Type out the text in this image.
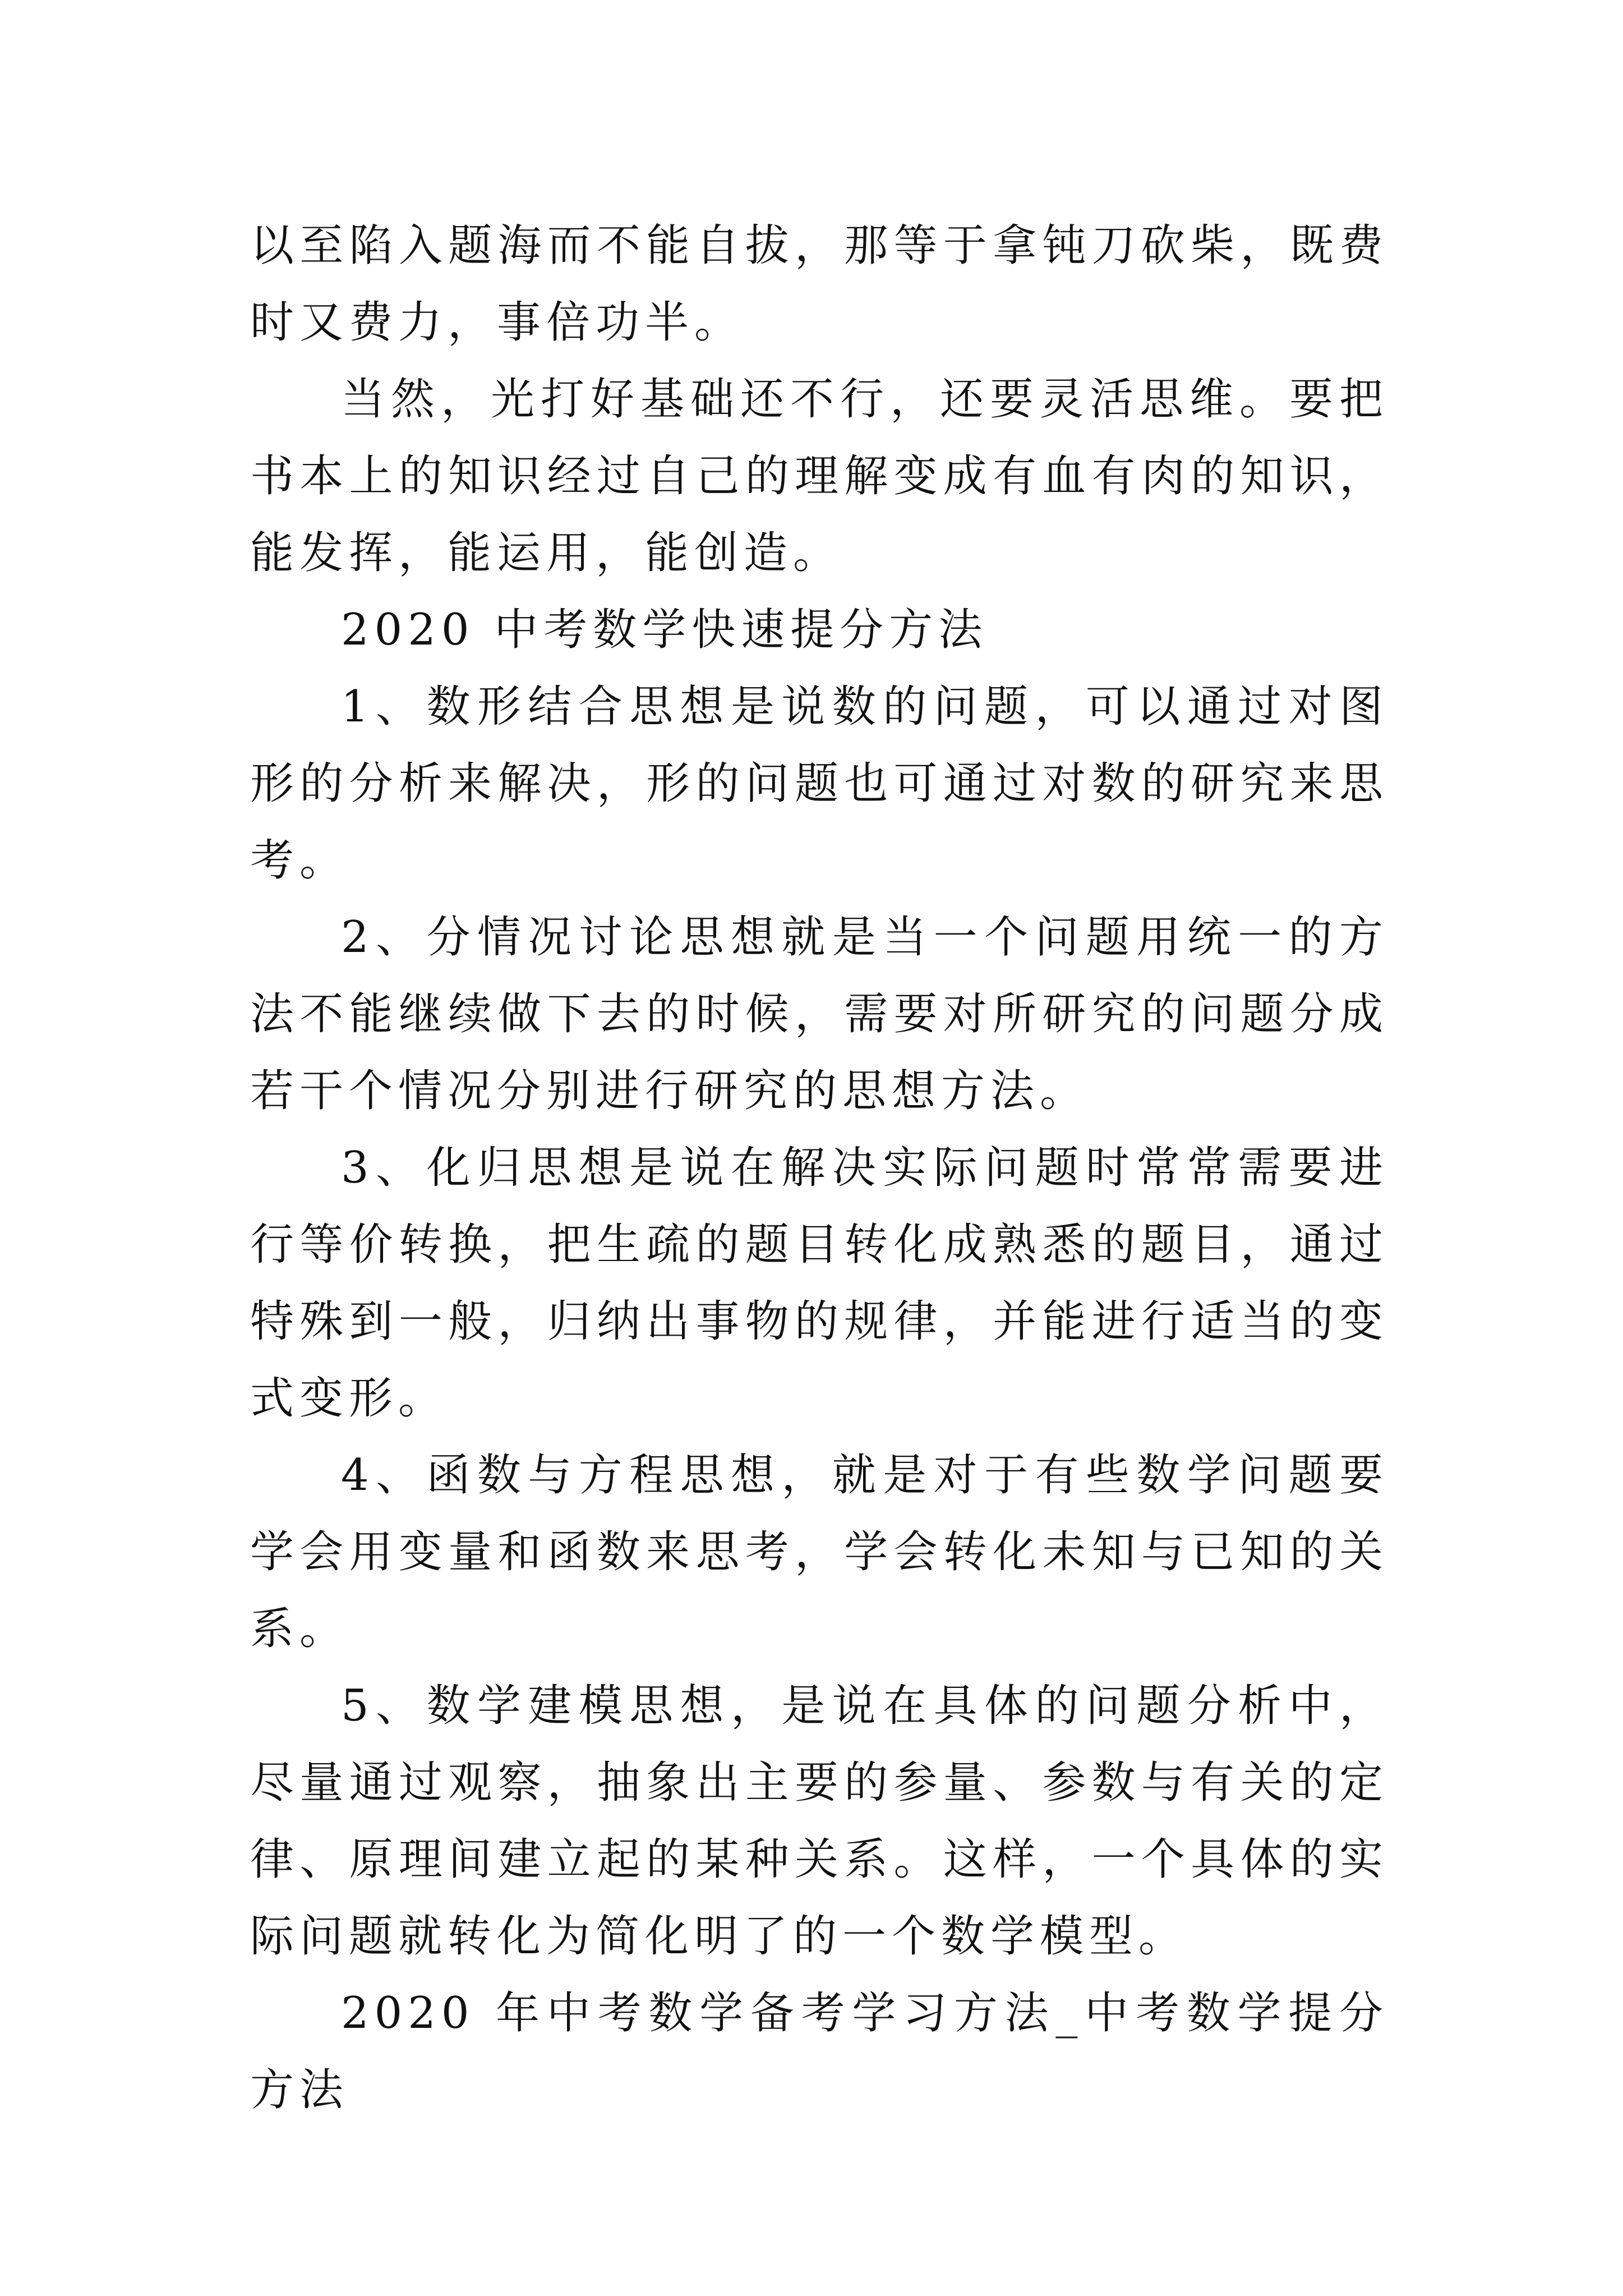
以至陷入题海而不能自拔，那等于拿钝刀砍柴，既费时又费力，事倍功半。

当然，光打好基础还不行，还要灵活思维。要把书本上的知识经过自己的理解变成有血有肉的知识，能发挥，能运用，能创造。

2020 中考数学快速提分方法

1、数形结合思想是说数的问题，可以通过对图形的分析来解决，形的问题也可通过对数的研究来思考。

2、分情况讨论思想就是当一个问题用统一的方法不能继续做下去的时候，需要对所研究的问题分成若干个情况分别进行研究的思想方法。

3、化归思想是说在解决实际问题时常常需要进行等价转换，把生疏的题目转化成熟悉的题目，通过特殊到一般，归纳出事物的规律，并能进行适当的变式变形。

4、函数与方程思想，就是对于有些数学问题要学会用变量和函数来思考，学会转化未知与已知的关系。

5、数学建模思想，是说在具体的问题分析中，尽量通过观察，抽象出主要的参量、参数与有关的定律、原理间建立起的某种关系。这样，一个具体的实际问题就转化为简化明了的一个数学模型。

2020 年中考数学备考学习方法_中考数学提分方法
